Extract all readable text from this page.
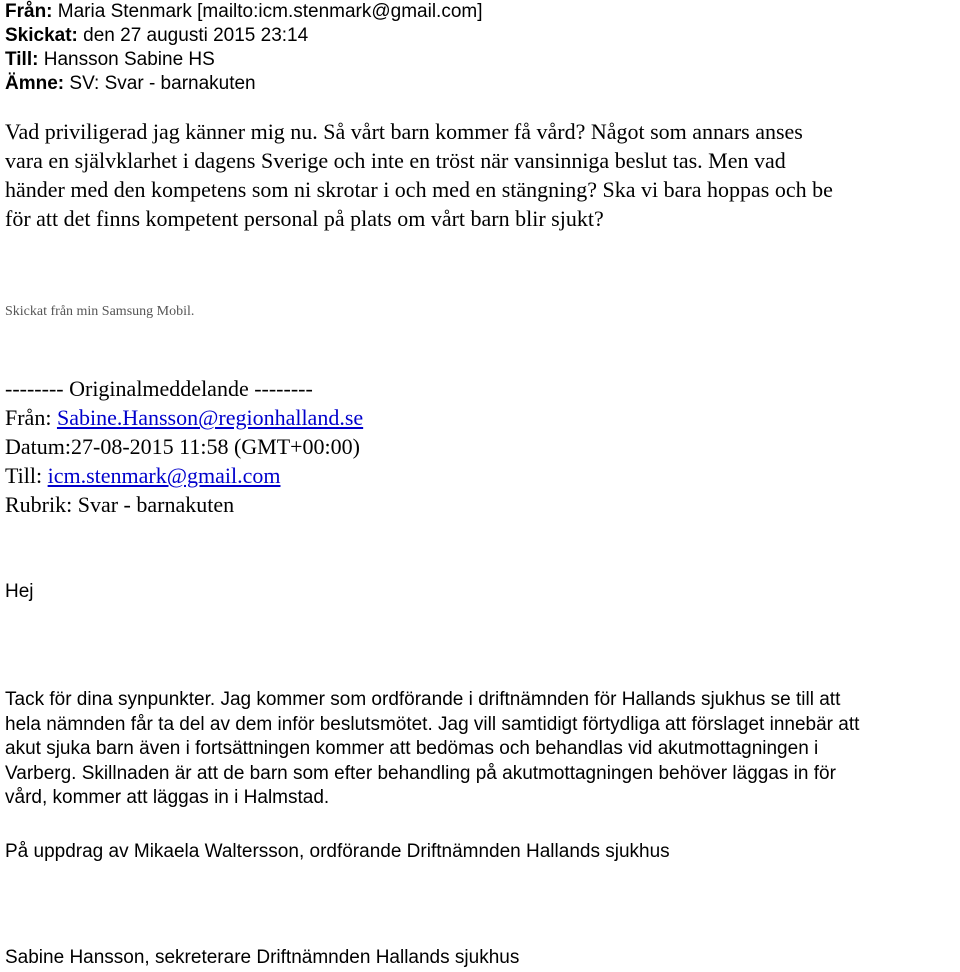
Från: Maria Stenmark [mailto:icm.stenmark@gmail.com]
Skickat: den 27 augusti 2015 23:14
Till: Hansson Sabine HS
Ämne: SV: Svar - barnakuten
Vad priviligerad jag känner mig nu. Så vårt barn kommer få vård? Något som annars anses
vara en självklarhet i dagens Sverige och inte en tröst när vansinniga beslut tas. Men vad
händer med den kompetens som ni skrotar i och med en stängning? Ska vi bara hoppas och be
för att det finns kompetent personal på plats om vårt barn blir sjukt?
Skickat från min Samsung Mobil.
-------- Originalmeddelande --------
Från: Sabine.Hansson@regionhalland.se
Datum:27-08-2015 11:58 (GMT+00:00)
Till: icm.stenmark@gmail.com
Rubrik: Svar - barnakuten
Hej
Tack för dina synpunkter. Jag kommer som ordförande i driftnämnden för Hallands sjukhus se till att
hela nämnden får ta del av dem inför beslutsmötet. Jag vill samtidigt förtydliga att förslaget innebär att
akut sjuka barn även i fortsättningen kommer att bedömas och behandlas vid akutmottagningen i
Varberg. Skillnaden är att de barn som efter behandling på akutmottagningen behöver läggas in för
vård, kommer att läggas in i Halmstad.
På uppdrag av Mikaela Waltersson, ordförande Driftnämnden Hallands sjukhus
Sabine Hansson, sekreterare Driftnämnden Hallands sjukhus
